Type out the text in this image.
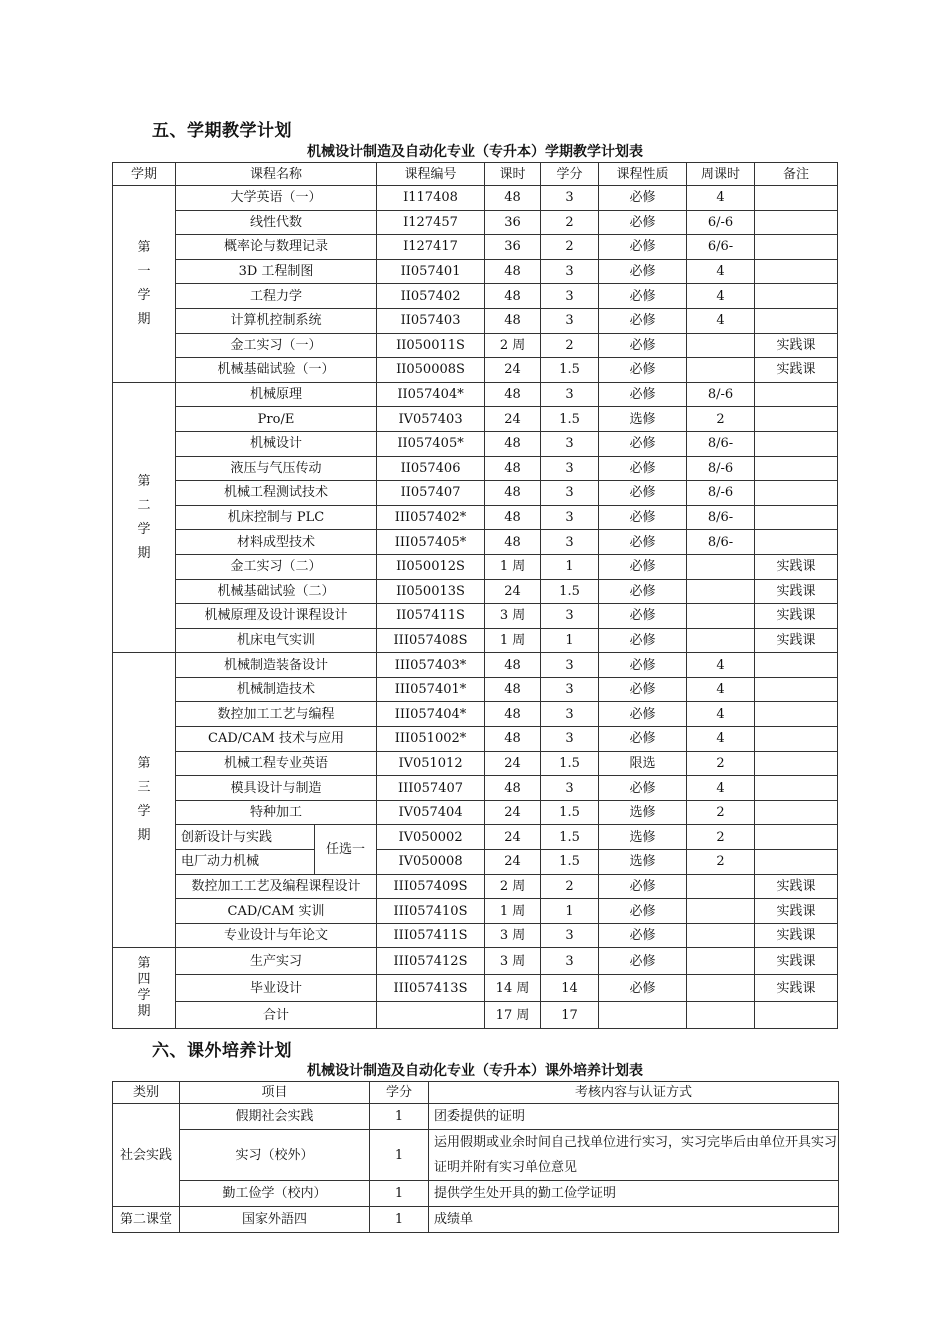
五、学期教学计划
机械设计制造及自动化专业（专升本）学期教学计划表
学期	课程名称		课程编号	课时	学分	课程性质	周课时	备注

第
一
学
期	大学英语（一）		I117408	48	3	必修	4	
	线性代数		I127457	36	2	必修	6/-6	
	概率论与数理记录		I127417	36	2	必修	6/6-	
	3D 工程制图		II057401	48	3	必修	4	
	工程力学		II057402	48	3	必修	4	
	计算机控制系统		II057403	48	3	必修	4	
	金工实习（一）		II050011S	2 周	2	必修		实践课
	机械基础试验（一）		II050008S	24	1.5	必修		实践课

第
二
学
期	机械原理		II057404*	48	3	必修	8/-6	
	Pro/E		IV057403	24	1.5	选修	2	
	机械设计		II057405*	48	3	必修	8/6-	
	液压与气压传动		II057406	48	3	必修	8/-6	
	机械工程测试技术		II057407	48	3	必修	8/-6	
	机床控制与 PLC		III057402*	48	3	必修	8/6-	
	材料成型技术		III057405*	48	3	必修	8/6-	
	金工实习（二）		II050012S	1 周	1	必修		实践课
	机械基础试验（二）		II050013S	24	1.5	必修		实践课
	机械原理及设计课程设计		II057411S	3 周	3	必修		实践课
	机床电气实训		III057408S	1 周	1	必修		实践课

第
三
学
期	机械制造装备设计		III057403*	48	3	必修	4	
	机械制造技术		III057401*	48	3	必修	4	
	数控加工工艺与编程		III057404*	48	3	必修	4	
	CAD/CAM 技术与应用		III051002*	48	3	必修	4	
	机械工程专业英语		IV051012	24	1.5	限选	2	
	模具设计与制造		III057407	48	3	必修	4	
	特种加工		IV057404	24	1.5	选修	2	
	创新设计与实践	任选一	IV050002	24	1.5	选修	2	
	电厂动力机械		IV050008	24	1.5	选修	2	
	数控加工工艺及编程课程设计		III057409S	2 周	2	必修		实践课
	CAD/CAM 实训		III057410S	1 周	1	必修		实践课
	专业设计与年论文		III057411S	3 周	3	必修		实践课

第
四
学
期	生产实习		III057412S	3 周	3	必修		实践课
	毕业设计		III057413S	14 周	14	必修		实践课
	合计			17 周	17			
六、课外培养计划
机械设计制造及自动化专业（专升本）课外培养计划表
类别	项目	学分	考核内容与认证方式
社会实践	假期社会实践	1	团委提供的证明
	实习（校外）	1	运用假期或业余时间自己找单位进行实习，实习完毕后由单位开具实习证明并附有实习单位意见
	勤工俭学（校内）	1	提供学生处开具的勤工俭学证明
第二课堂	国家外語四	1	成绩单
